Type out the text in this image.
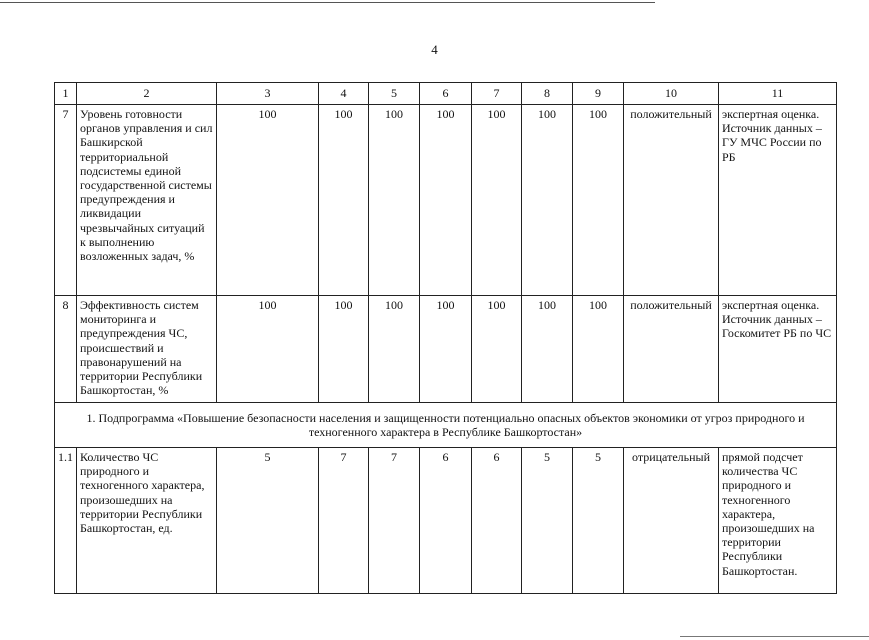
4
1	2	3	4	5	6	7	8	9	10	11
7	Уровень готовности органов управления и сил Башкирской территориальной подсистемы единой государственной системы предупреждения и ликвидации чрезвычайных ситуаций к выполнению возложенных задач, %	100	100	100	100	100	100	100	положительный	экспертная оценка. Источник данных – ГУ МЧС России по РБ
8	Эффективность систем мониторинга и предупреждения ЧС, происшествий и правонарушений на территории Республики Башкортостан, %	100	100	100	100	100	100	100	положительный	экспертная оценка. Источник данных – Госкомитет РБ по ЧС
1. Подпрограмма «Повышение безопасности населения и защищенности потенциально опасных объектов экономики от угроз природного и техногенного характера в Республике Башкортостан»										
1.1	Количество ЧС природного и техногенного характера, произошедших на территории Республики Башкортостан, ед.	5	7	7	6	6	5	5	отрицательный	прямой подсчет количества ЧС природного и техногенного характера, произошедших на территории Республики Башкортостан.
